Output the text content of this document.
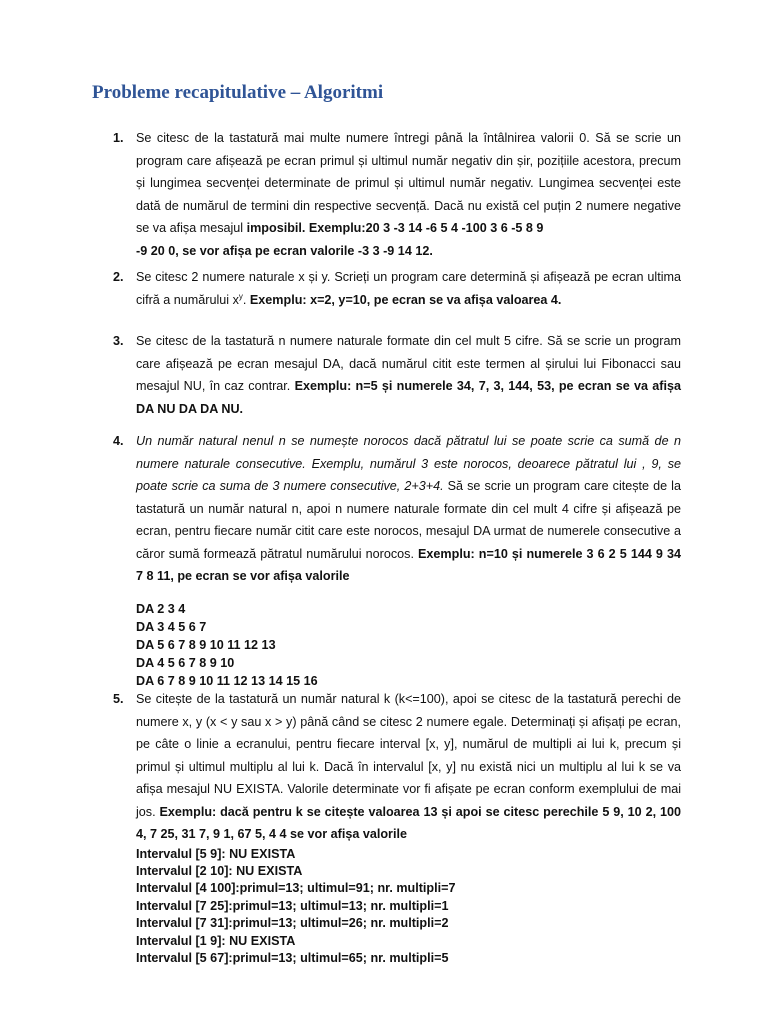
Probleme recapitulative – Algoritmi
1. Se citesc de la tastatură mai multe numere întregi până la întâlnirea valorii 0. Să se scrie un program care afișează pe ecran primul și ultimul număr negativ din șir, pozițiile acestora, precum și lungimea secvenței determinate de primul și ultimul număr negativ. Lungimea secvenței este dată de numărul de termini din respective secvență. Dacă nu există cel puțin 2 numere negative se va afișa mesajul imposibil. Exemplu:20 3 -3 14 -6 5 4 -100 3 6 -5 8 9

-9 20 0, se vor afișa pe ecran valorile -3 3 -9 14 12.
2. Se citesc 2 numere naturale x și y. Scrieți un program care determină și afișează pe ecran ultima cifră a numărului $x^y$. Exemplu: x=2, y=10, pe ecran se va afișa valoarea 4.

3. Se citesc de la tastatură n numere naturale formate din cel mult 5 cifre. Să se scrie un program care afișează pe ecran mesajul DA, dacă numărul citit este termen al șirului lui Fibonacci sau mesajul NU, în caz contrar. Exemplu: n=5 și numerele 34, 7, 3, 144, 53, pe ecran se va afișa DA NU DA DA NU.

4. Un număr natural nenul n se numește norocos dacă pătratul lui se poate scrie ca sumă de n numere naturale consecutive. Exemplu, numărul 3 este norocos, deoarece pătratul lui , 9, se poate scrie ca suma de 3 numere consecutive, 2+3+4. Să se scrie un program care citește de la tastatură un număr natural n, apoi n numere naturale formate din cel mult 4 cifre și afișează pe ecran, pentru fiecare număr citit care este norocos, mesajul DA urmat de numerele consecutive a căror sumă formează pătratul numărului norocos. Exemplu: n=10 și numerele 3 6 2 5 144 9 34 7 8 11, pe ecran se vor afișa valorile

DA 2 3 4
DA 3 4 5 6 7
DA 5 6 7 8 9 10 11 12 13
DA 4 5 6 7 8 9 10
DA 6 7 8 9 10 11 12 13 14 15 16
5. Se citește de la tastatură un număr natural k (k<=100), apoi se citesc de la tastatură perechi de numere x, y (x < y sau x > y) până când se citesc 2 numere egale. Determinați și afișați pe ecran, pe câte o linie a ecranului, pentru fiecare interval [x, y], numărul de multipli ai lui k, precum și primul și ultimul multiplu al lui k. Dacă în intervalul [x, y] nu există nici un multiplu al lui k se va afișa mesajul NU EXISTA. Valorile determinate vor fi afișate pe ecran conform exemplului de mai jos. Exemplu: dacă pentru k se citește valoarea 13 și apoi se citesc perechile 5 9, 10 2, 100 4, 7 25, 31 7, 9 1, 67 5, 4 4 se vor afișa valorile

Intervalul [5 9]: NU EXISTA
Intervalul [2 10]: NU EXISTA
Intervalul [4 100]:primul=13; ultimul=91; nr. multipli=7
Intervalul [7 25]:primul=13; ultimul=13; nr. multipli=1
Intervalul [7 31]:primul=13; ultimul=26; nr. multipli=2
Intervalul [1 9]: NU EXISTA
Intervalul [5 67]:primul=13; ultimul=65; nr. multipli=5
